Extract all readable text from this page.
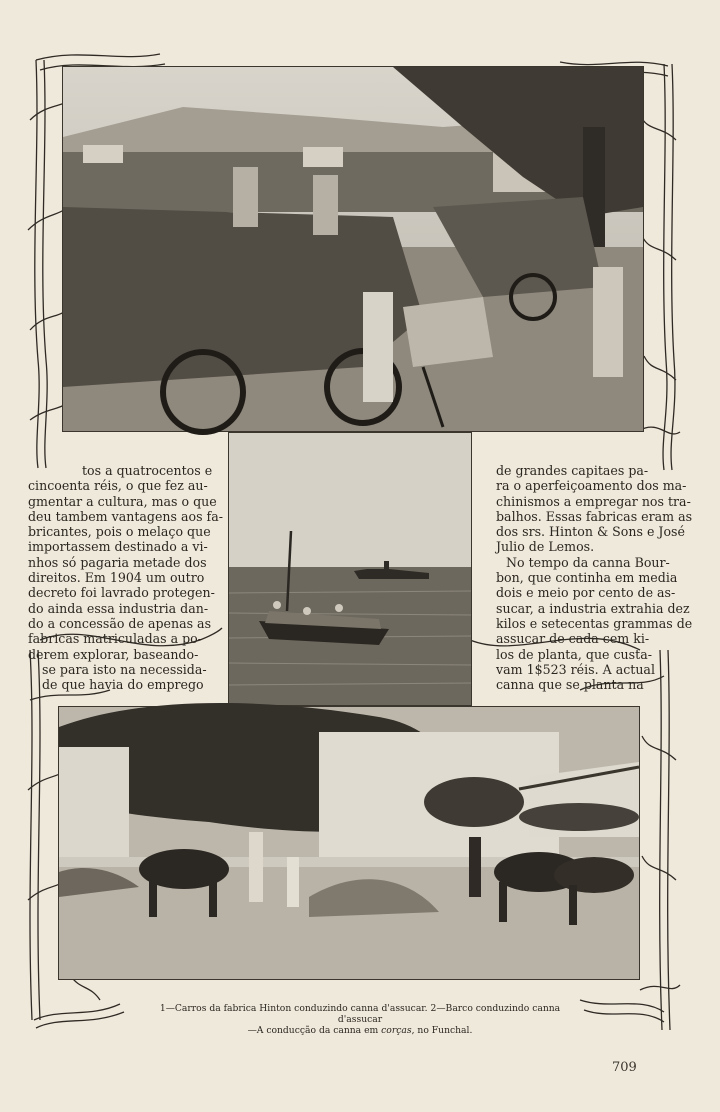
tos a quatrocentos e
cincoenta réis, o que fez au-
gmentar a cultura, mas o que
deu tambem vantagens aos fa-
bricantes, pois o melaço que
importassem destinado a vi-
nhos só pagaria metade dos
direitos. Em 1904 um outro
decreto foi lavrado protegen-
do ainda essa industria dan-
do a concessão de apenas as
fabricas matriculadas a po-
derem explorar, baseando-
se para isto na necessida-
de que havia do emprego
de grandes capitaes pa-
ra o aperfeiçoamento dos ma-
chinismos a empregar nos tra-
balhos. Essas fabricas eram as
dos srs. Hinton & Sons e José
Julio de Lemos.
No tempo da canna Bour-
bon, que continha em media
dois e meio por cento de as-
sucar, a industria extrahia dez
kilos e setecentas grammas de
assucar de cada cem ki-
los de planta, que custa-
vam 1$523 réis. A actual
canna que se planta na
1—Carros da fabrica Hinton conduzindo canna d'assucar. 2—Barco conduzindo canna d'assucar
—A conducção da canna em corças, no Funchal.
709
